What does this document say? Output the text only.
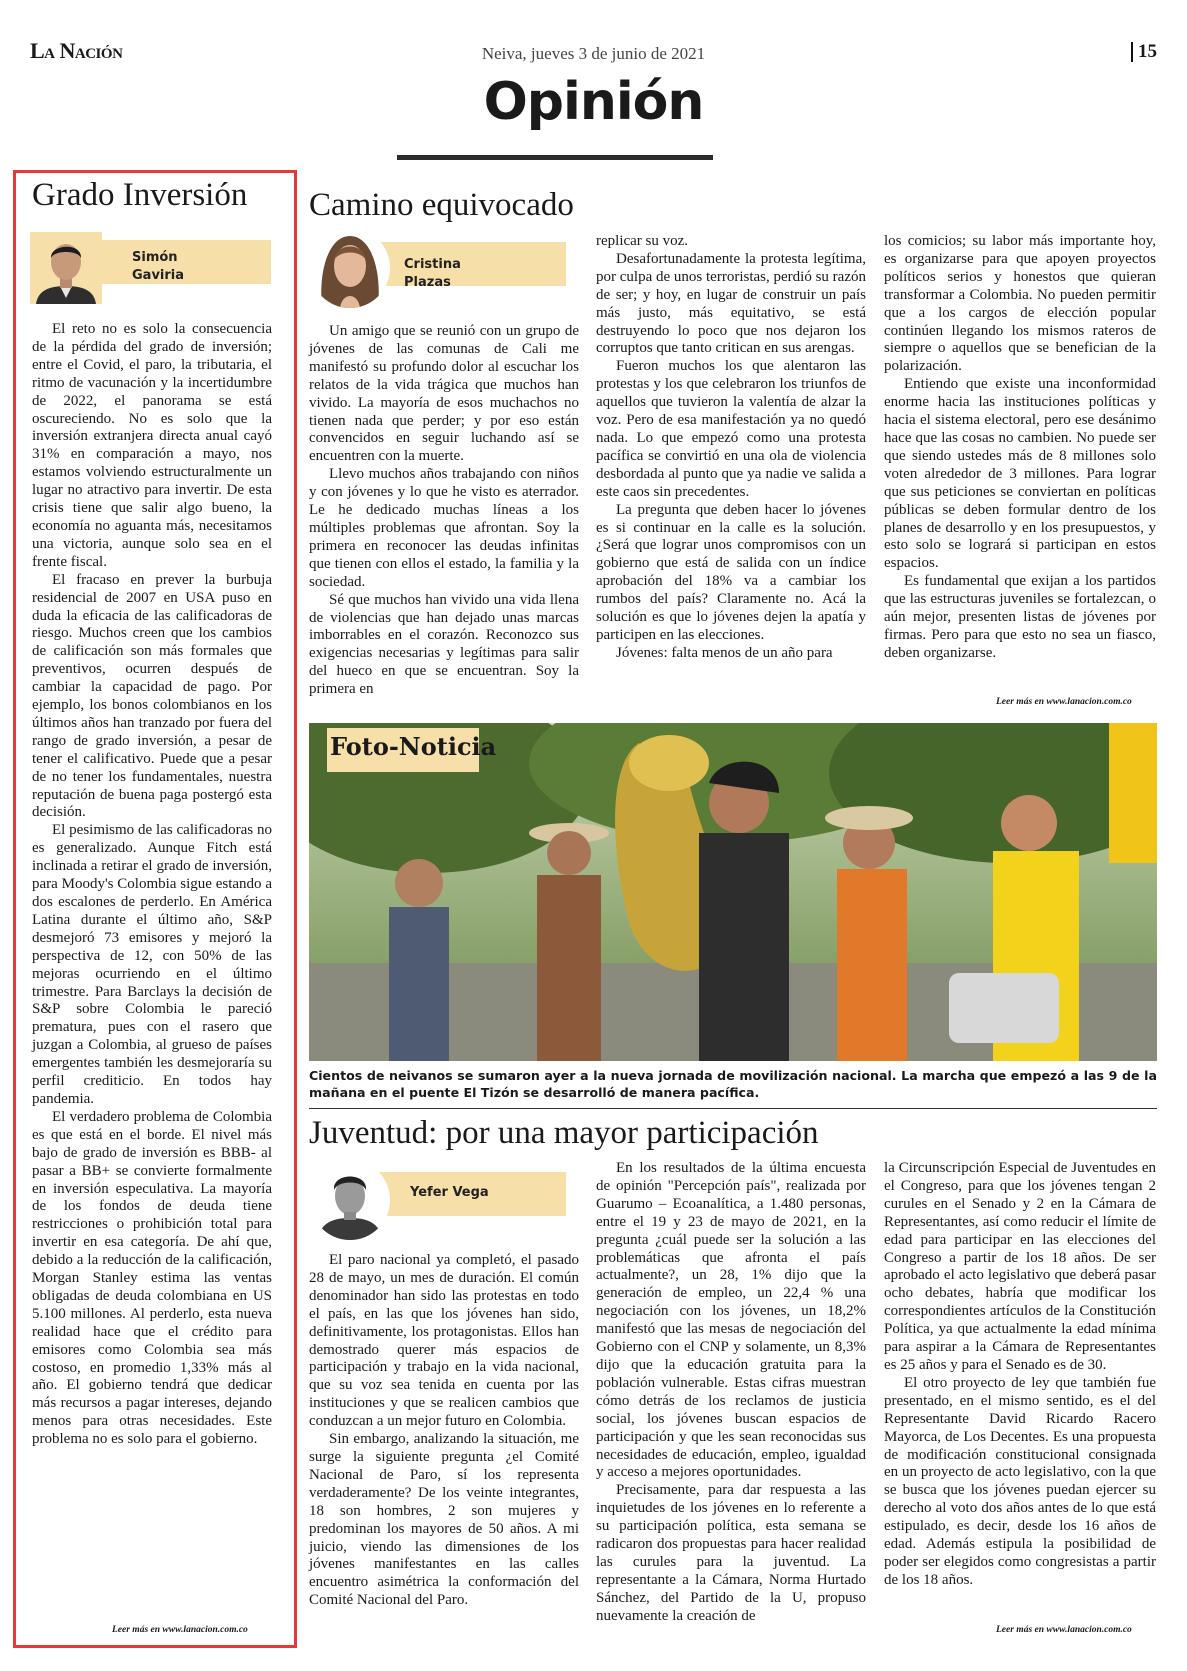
La Nación	Neiva, jueves 3 de junio de 2021	15
Opinión
Grado Inversión
Simón
Gaviria

El reto no es solo la consecuencia de la pérdida del grado de inversión; entre el Covid, el paro, la tributaria, el ritmo de vacunación y la incertidumbre de 2022, el panorama se está oscureciendo. No es solo que la inversión extranjera directa anual cayó 31% en comparación a mayo, nos estamos volviendo estructuralmente un lugar no atractivo para invertir. De esta crisis tiene que salir algo bueno, la economía no aguanta más, necesitamos una victoria, aunque solo sea en el frente fiscal.

El fracaso en prever la burbuja residencial de 2007 en USA puso en duda la eficacia de las calificadoras de riesgo. Muchos creen que los cambios de calificación son más formales que preventivos, ocurren después de cambiar la capacidad de pago. Por ejemplo, los bonos colombianos en los últimos años han tranzado por fuera del rango de grado inversión, a pesar de tener el calificativo. Puede que a pesar de no tener los fundamentales, nuestra reputación de buena paga postergó esta decisión.

El pesimismo de las calificadoras no es generalizado. Aunque Fitch está inclinada a retirar el grado de inversión, para Moody's Colombia sigue estando a dos escalones de perderlo. En América Latina durante el último año, S&P desmejoró 73 emisores y mejoró la perspectiva de 12, con 50% de las mejoras ocurriendo en el último trimestre. Para Barclays la decisión de S&P sobre Colombia le pareció prematura, pues con el rasero que juzgan a Colombia, al grueso de países emergentes también les desmejoraría su perfil crediticio. En todos hay pandemia.

El verdadero problema de Colombia es que está en el borde. El nivel más bajo de grado de inversión es BBB- al pasar a BB+ se convierte formalmente en inversión especulativa. La mayoría de los fondos de deuda tiene restricciones o prohibición total para invertir en esa categoría. De ahí que, debido a la reducción de la calificación, Morgan Stanley estima las ventas obligadas de deuda colombiana en US 5.100 millones. Al perderlo, esta nueva realidad hace que el crédito para emisores como Colombia sea más costoso, en promedio 1,33% más al año. El gobierno tendrá que dedicar más recursos a pagar intereses, dejando menos para otras necesidades. Este problema no es solo para el gobierno.

Leer más en www.lanacion.com.co
Camino equivocado
Cristina
Plazas

Un amigo que se reunió con un grupo de jóvenes de las comunas de Cali me manifestó su profundo dolor al escuchar los relatos de la vida trágica que muchos han vivido. La mayoría de esos muchachos no tienen nada que perder; y por eso están convencidos en seguir luchando así se encuentren con la muerte.

Llevo muchos años trabajando con niños y con jóvenes y lo que he visto es aterrador. Le he dedicado muchas líneas a los múltiples problemas que afrontan. Soy la primera en reconocer las deudas infinitas que tienen con ellos el estado, la familia y la sociedad.

Sé que muchos han vivido una vida llena de violencias que han dejado unas marcas imborrables en el corazón. Reconozco sus exigencias necesarias y legítimas para salir del hueco en que se encuentran. Soy la primera en

replicar su voz.

Desafortunadamente la protesta legítima, por culpa de unos terroristas, perdió su razón de ser; y hoy, en lugar de construir un país más justo, más equitativo, se está destruyendo lo poco que nos dejaron los corruptos que tanto critican en sus arengas.

Fueron muchos los que alentaron las protestas y los que celebraron los triunfos de aquellos que tuvieron la valentía de alzar la voz. Pero de esa manifestación ya no quedó nada. Lo que empezó como una protesta pacífica se convirtió en una ola de violencia desbordada al punto que ya nadie ve salida a este caos sin precedentes.

La pregunta que deben hacer lo jóvenes es si continuar en la calle es la solución. ¿Será que lograr unos compromisos con un gobierno que está de salida con un índice aprobación del 18% va a cambiar los rumbos del país? Claramente no. Acá la solución es que lo jóvenes dejen la apatía y participen en las elecciones.

Jóvenes: falta menos de un año para

los comicios; su labor más importante hoy, es organizarse para que apoyen proyectos políticos serios y honestos que quieran transformar a Colombia. No pueden permitir que a los cargos de elección popular continúen llegando los mismos rateros de siempre o aquellos que se benefician de la polarización.

Entiendo que existe una inconformidad enorme hacia las instituciones políticas y hacia el sistema electoral, pero ese desánimo hace que las cosas no cambien. No puede ser que siendo ustedes más de 8 millones solo voten alrededor de 3 millones. Para lograr que sus peticiones se conviertan en políticas públicas se deben formular dentro de los planes de desarrollo y en los presupuestos, y esto solo se logrará si participan en estos espacios.

Es fundamental que exijan a los partidos que las estructuras juveniles se fortalezcan, o aún mejor, presenten listas de jóvenes por firmas. Pero para que esto no sea un fiasco, deben organizarse.

Leer más en www.lanacion.com.co
Foto-Noticia
Cientos de neivanos se sumaron ayer a la nueva jornada de movilización nacional. La marcha que empezó a las 9 de la mañana en el puente El Tizón se desarrolló de manera pacífica.
Juventud: por una mayor participación
Yefer Vega

El paro nacional ya completó, el pasado 28 de mayo, un mes de duración. El común denominador han sido las protestas en todo el país, en las que los jóvenes han sido, definitivamente, los protagonistas. Ellos han demostrado querer más espacios de participación y trabajo en la vida nacional, que su voz sea tenida en cuenta por las instituciones y que se realicen cambios que conduzcan a un mejor futuro en Colombia.

Sin embargo, analizando la situación, me surge la siguiente pregunta ¿el Comité Nacional de Paro, sí los representa verdaderamente? De los veinte integrantes, 18 son hombres, 2 son mujeres y predominan los mayores de 50 años. A mi juicio, viendo las dimensiones de los jóvenes manifestantes en las calles encuentro asimétrica la conformación del Comité Nacional del Paro.

En los resultados de la última encuesta de opinión "Percepción país", realizada por Guarumo – Ecoanalítica, a 1.480 personas, entre el 19 y 23 de mayo de 2021, en la pregunta ¿cuál puede ser la solución a las problemáticas que afronta el país actualmente?, un 28, 1% dijo que la generación de empleo, un 22,4 % una negociación con los jóvenes, un 18,2% manifestó que las mesas de negociación del Gobierno con el CNP y solamente, un 8,3% dijo que la educación gratuita para la población vulnerable. Estas cifras muestran cómo detrás de los reclamos de justicia social, los jóvenes buscan espacios de participación y que les sean reconocidas sus necesidades de educación, empleo, igualdad y acceso a mejores oportunidades.

Precisamente, para dar respuesta a las inquietudes de los jóvenes en lo referente a su participación política, esta semana se radicaron dos propuestas para hacer realidad las curules para la juventud. La representante a la Cámara, Norma Hurtado Sánchez, del Partido de la U, propuso nuevamente la creación de

la Circunscripción Especial de Juventudes en el Congreso, para que los jóvenes tengan 2 curules en el Senado y 2 en la Cámara de Representantes, así como reducir el límite de edad para participar en las elecciones del Congreso a partir de los 18 años. De ser aprobado el acto legislativo que deberá pasar ocho debates, habría que modificar los correspondientes artículos de la Constitución Política, ya que actualmente la edad mínima para aspirar a la Cámara de Representantes es 25 años y para el Senado es de 30.

El otro proyecto de ley que también fue presentado, en el mismo sentido, es el del Representante David Ricardo Racero Mayorca, de Los Decentes. Es una propuesta de modificación constitucional consignada en un proyecto de acto legislativo, con la que se busca que los jóvenes puedan ejercer su derecho al voto dos años antes de lo que está estipulado, es decir, desde los 16 años de edad. Además estipula la posibilidad de poder ser elegidos como congresistas a partir de los 18 años.

Leer más en www.lanacion.com.co
